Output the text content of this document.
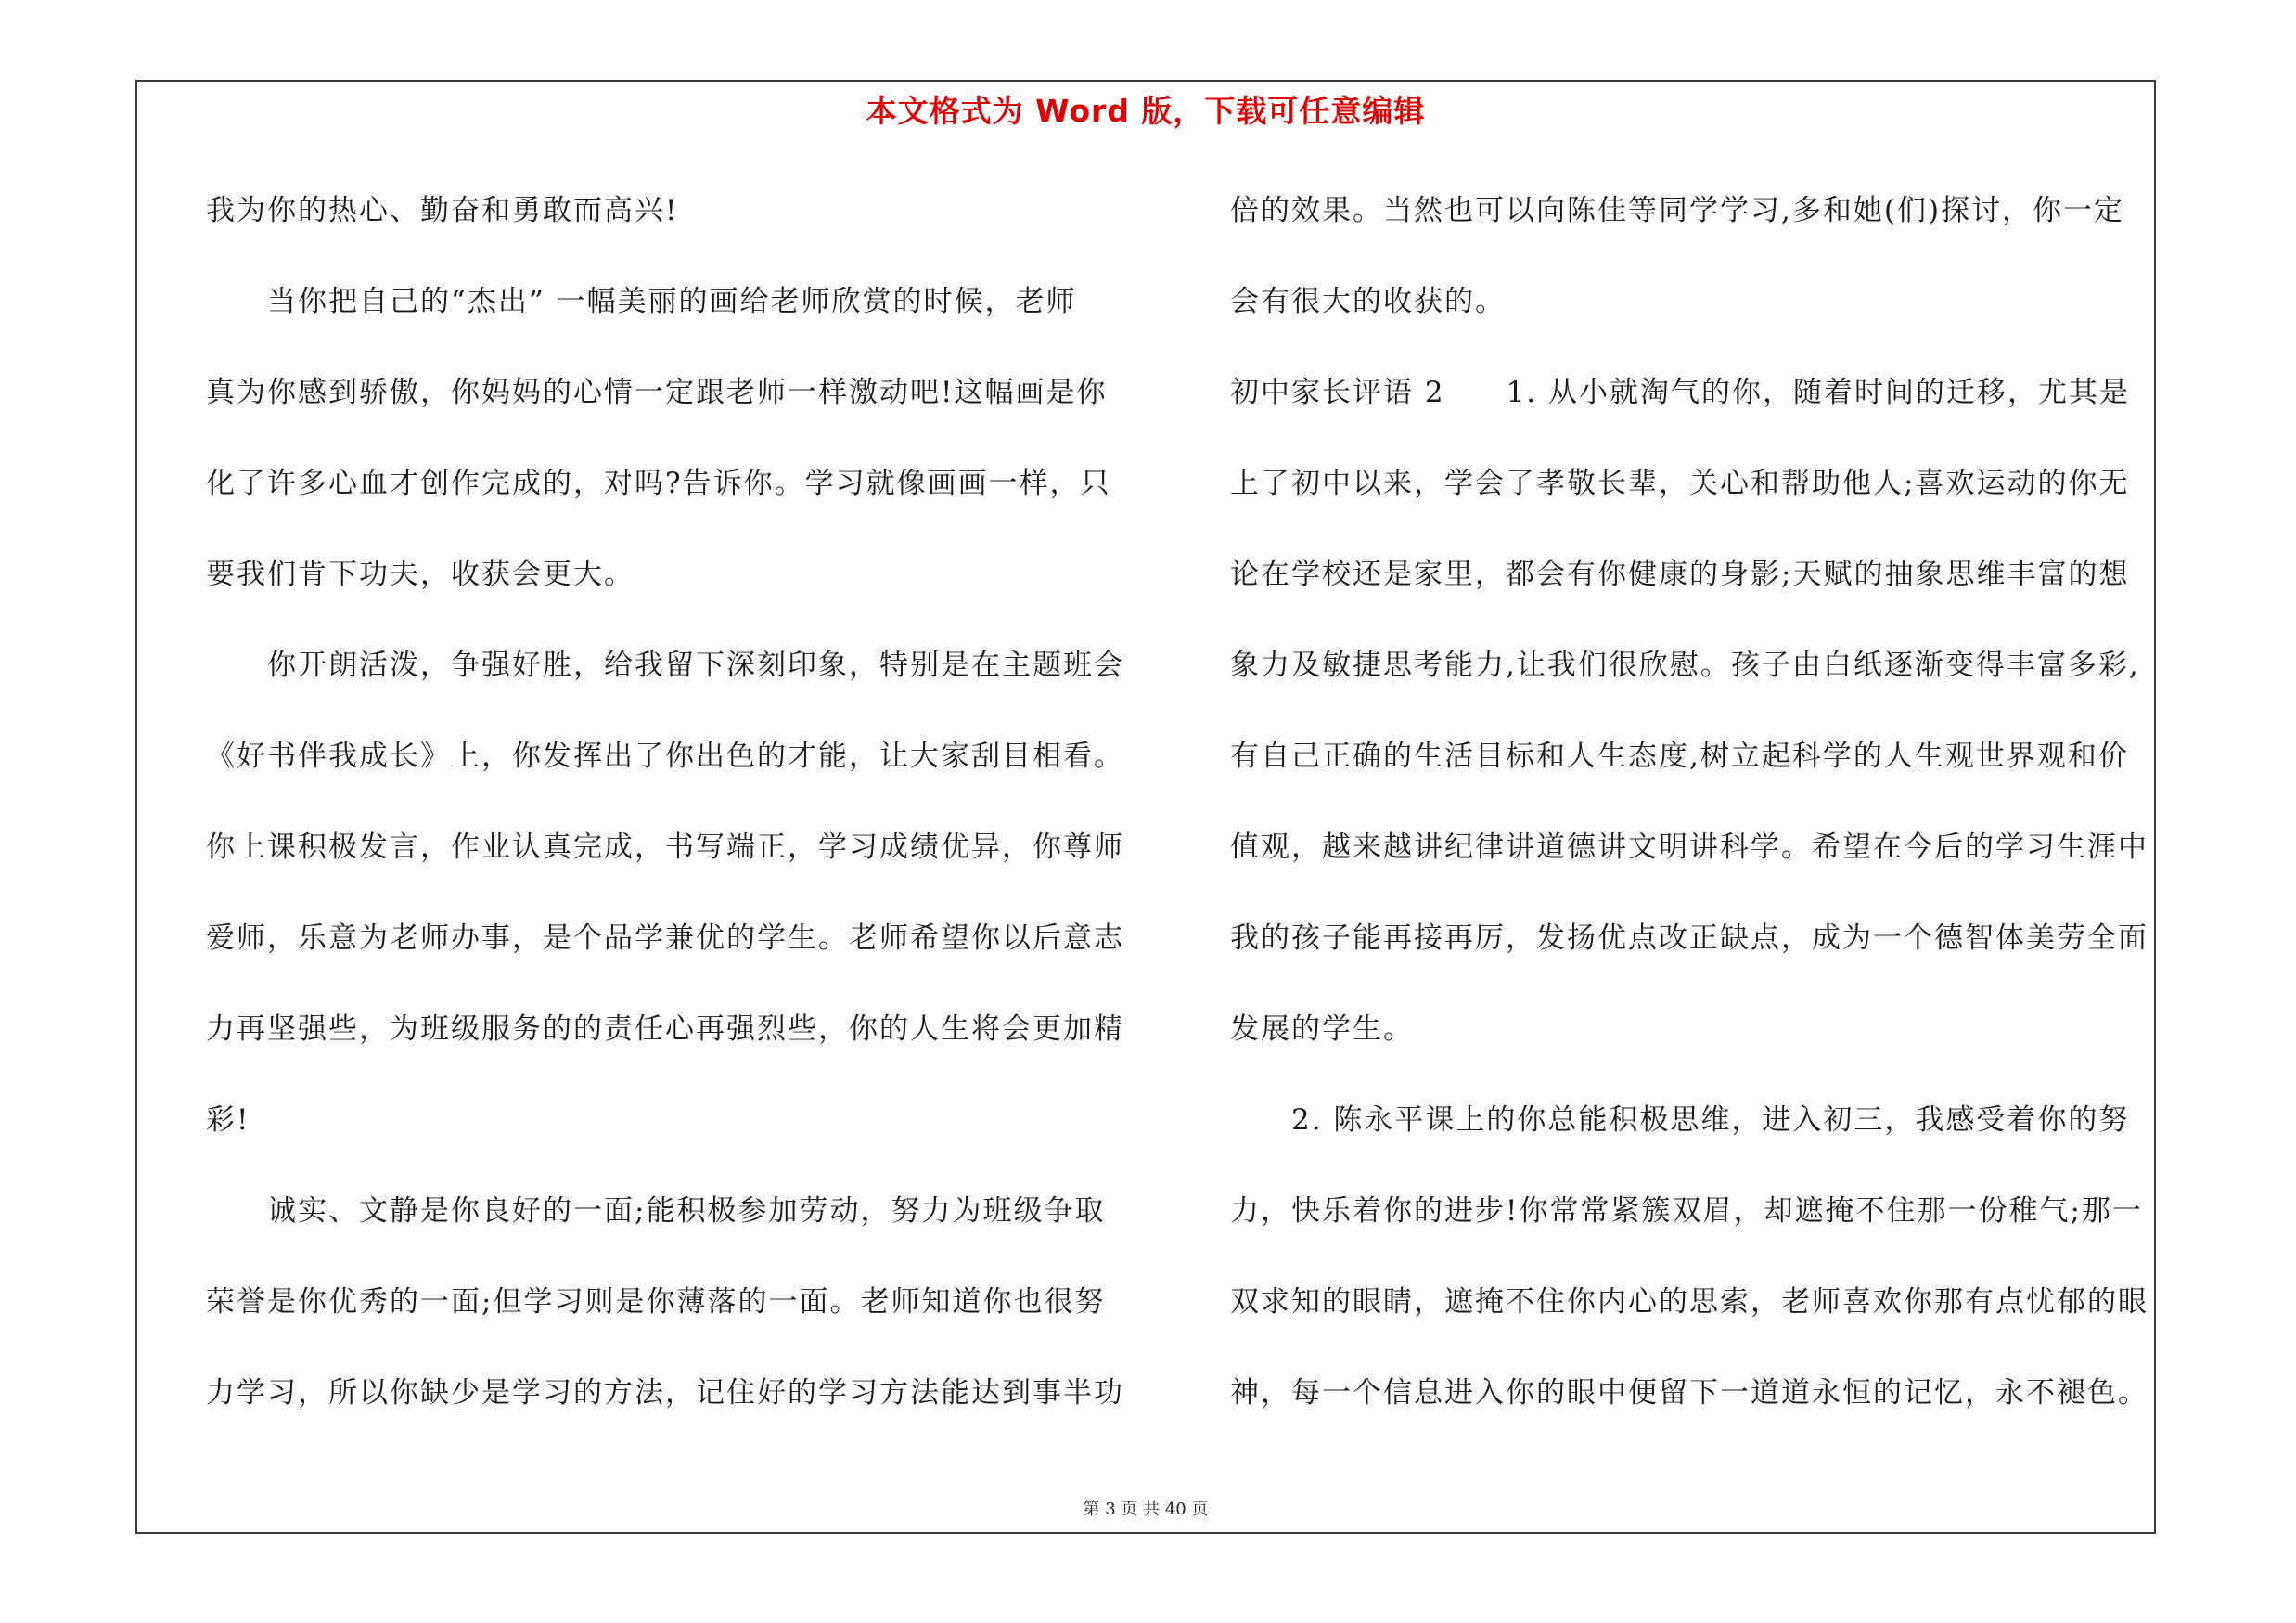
本文格式为 Word 版，下载可任意编辑
我为你的热心、勤奋和勇敢而高兴!
当你把自己的“杰出” 一幅美丽的画给老师欣赏的时候，老师
真为你感到骄傲，你妈妈的心情一定跟老师一样激动吧!这幅画是你
化了许多心血才创作完成的，对吗?告诉你。学习就像画画一样，只
要我们肯下功夫，收获会更大。
你开朗活泼，争强好胜，给我留下深刻印象，特别是在主题班会
《好书伴我成长》上，你发挥出了你出色的才能，让大家刮目相看。
你上课积极发言，作业认真完成，书写端正，学习成绩优异，你尊师
爱师，乐意为老师办事，是个品学兼优的学生。老师希望你以后意志
力再坚强些，为班级服务的的责任心再强烈些，你的人生将会更加精
彩!
诚实、文静是你良好的一面;能积极参加劳动，努力为班级争取
荣誉是你优秀的一面;但学习则是你薄落的一面。老师知道你也很努
力学习，所以你缺少是学习的方法，记住好的学习方法能达到事半功
倍的效果。当然也可以向陈佳等同学学习,多和她(们)探讨，你一定
会有很大的收获的。
初中家长评语 2　　1. 从小就淘气的你，随着时间的迁移，尤其是
上了初中以来，学会了孝敬长辈，关心和帮助他人;喜欢运动的你无
论在学校还是家里，都会有你健康的身影;天赋的抽象思维丰富的想
象力及敏捷思考能力,让我们很欣慰。孩子由白纸逐渐变得丰富多彩,
有自己正确的生活目标和人生态度,树立起科学的人生观世界观和价
值观，越来越讲纪律讲道德讲文明讲科学。希望在今后的学习生涯中
我的孩子能再接再厉，发扬优点改正缺点，成为一个德智体美劳全面
发展的学生。
2. 陈永平课上的你总能积极思维，进入初三，我感受着你的努
力，快乐着你的进步!你常常紧簇双眉，却遮掩不住那一份稚气;那一
双求知的眼睛，遮掩不住你内心的思索，老师喜欢你那有点忧郁的眼
神，每一个信息进入你的眼中便留下一道道永恒的记忆，永不褪色。
第 3 页 共 40 页
